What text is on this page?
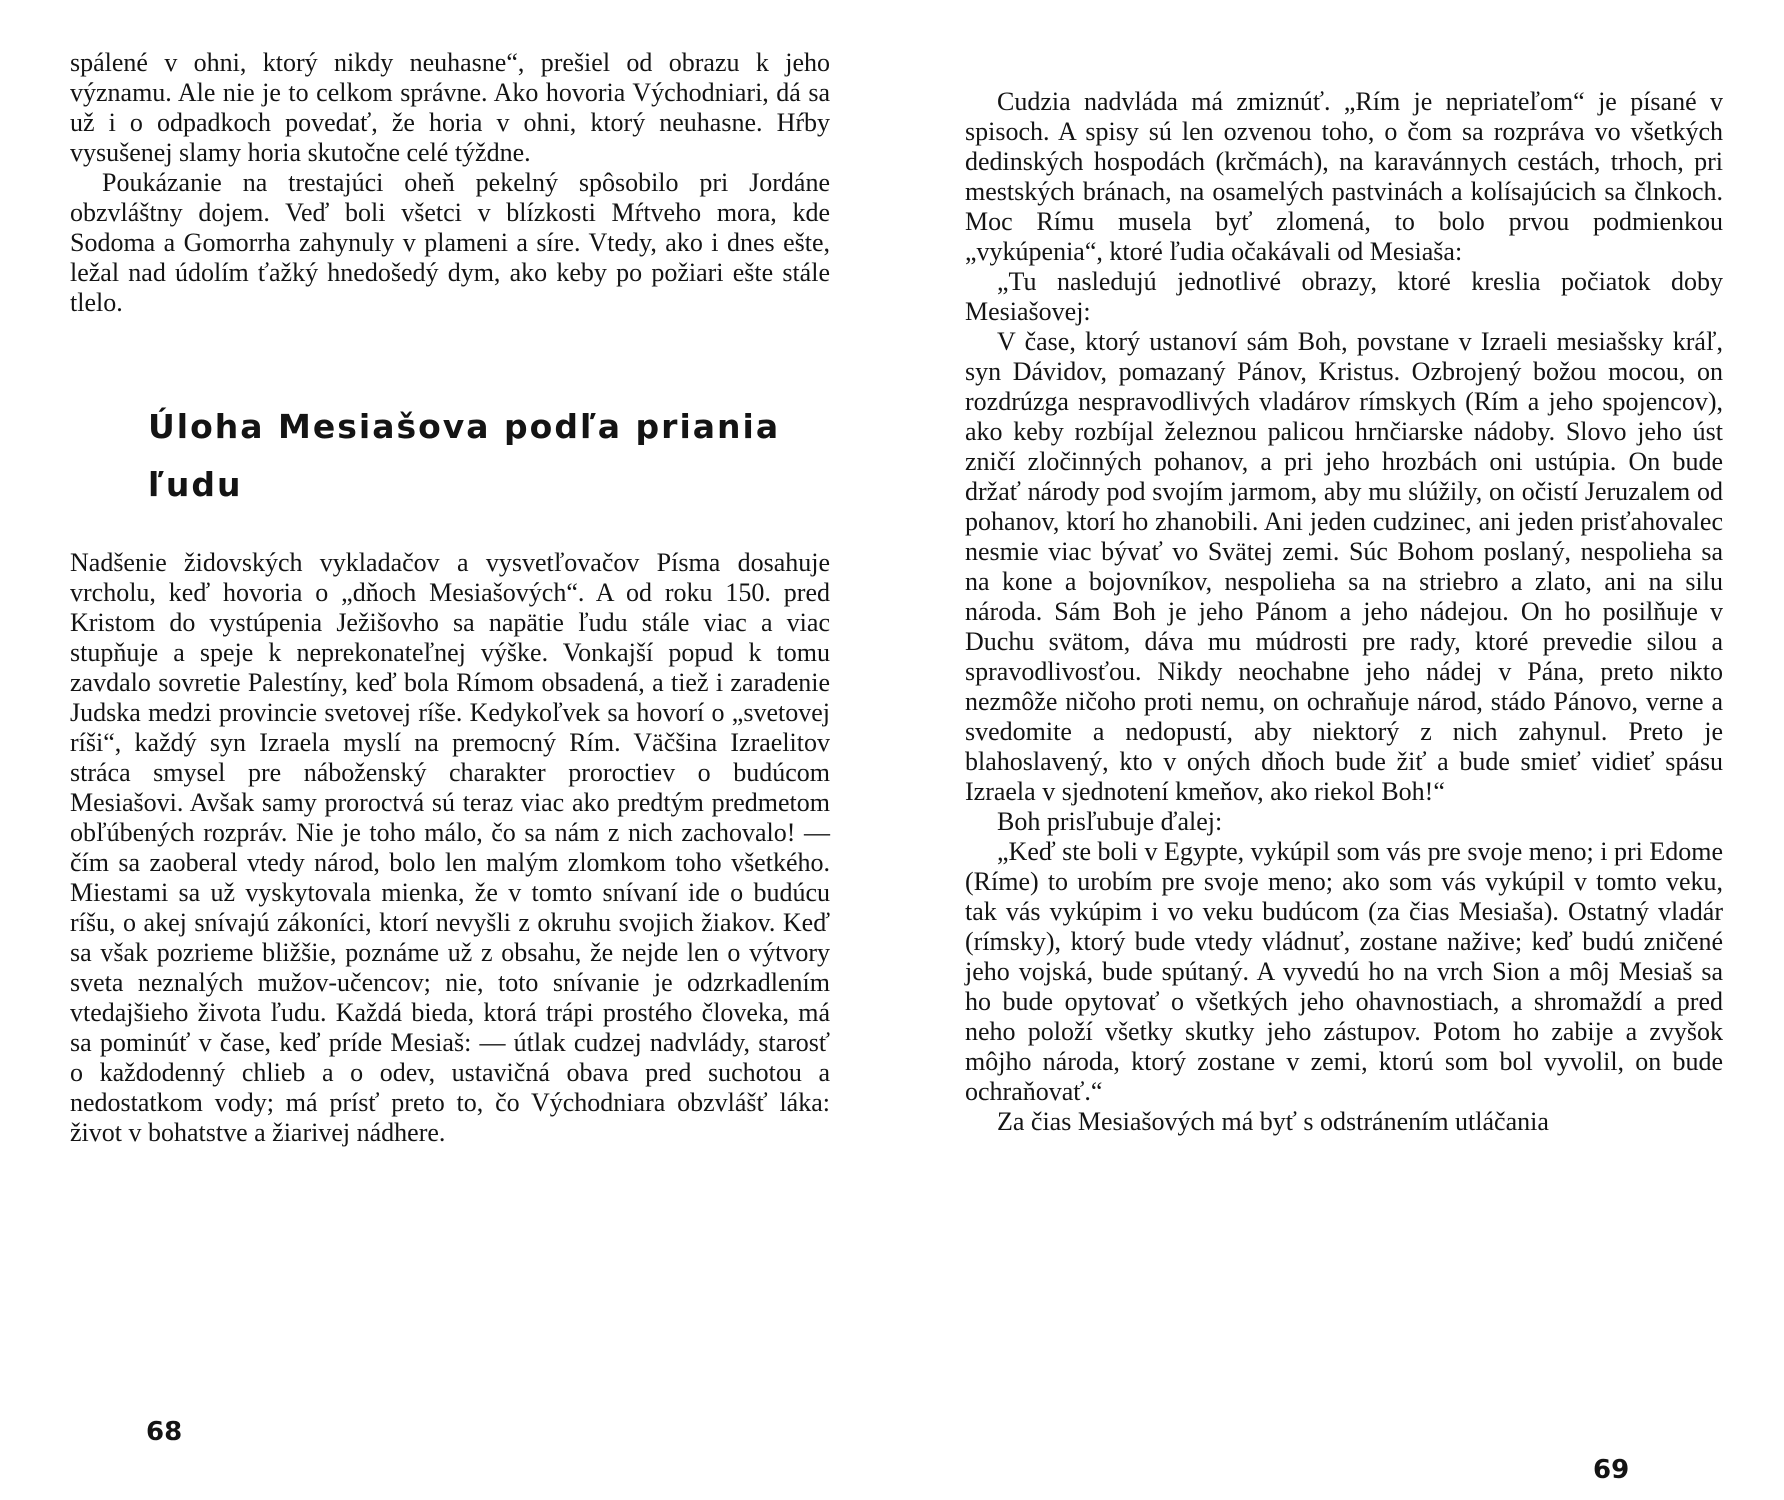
spálené v ohni, ktorý nikdy neuhasne“, prešiel od obrazu k jeho významu. Ale nie je to celkom správne. Ako hovoria Východniari, dá sa už i o odpadkoch povedať, že horia v ohni, ktorý neuhasne. Hŕby vysušenej slamy horia skutočne celé týždne.

Poukázanie na trestajúci oheň pekelný spôsobilo pri Jordáne obzvláštny dojem. Veď boli všetci v blízkosti Mŕtveho mora, kde Sodoma a Gomorrha zahynuly v plameni a síre. Vtedy, ako i dnes ešte, ležal nad údolím ťažký hnedošedý dym, ako keby po požiari ešte stále tlelo.

Úloha Mesiašova podľa priania ľudu

Nadšenie židovských vykladačov a vysvetľovačov Písma dosahuje vrcholu, keď hovoria o „dňoch Mesiašových“. A od roku 150. pred Kristom do vystúpenia Ježišovho sa napätie ľudu stále viac a viac stupňuje a speje k neprekonateľnej výške. Vonkajší popud k tomu zavdalo sovretie Palestíny, keď bola Rímom obsadená, a tiež i zaradenie Judska medzi provincie svetovej ríše. Kedykoľvek sa hovorí o „svetovej ríši“, každý syn Izraela myslí na premocný Rím. Väčšina Izraelitov stráca smysel pre náboženský charakter proroctiev o budúcom Mesiašovi. Avšak samy proroctvá sú teraz viac ako predtým predmetom obľúbených rozpráv. Nie je toho málo, čo sa nám z nich zachovalo! — čím sa zaoberal vtedy národ, bolo len malým zlomkom toho všetkého. Miestami sa už vyskytovala mienka, že v tomto snívaní ide o budúcu ríšu, o akej snívajú zákoníci, ktorí nevyšli z okruhu svojich žiakov. Keď sa však pozrieme bližšie, poznáme už z obsahu, že nejde len o výtvory sveta neznalých mužov-učencov; nie, toto snívanie je odzrkadlením vtedajšieho života ľudu. Každá bieda, ktorá trápi prostého človeka, má sa pominúť v čase, keď príde Mesiaš: — útlak cudzej nadvlády, starosť o každodenný chlieb a o odev, ustavičná obava pred suchotou a nedostatkom vody; má prísť preto to, čo Východniara obzvlášť láka: život v bohatstve a žiarivej nádhere.

68

Cudzia nadvláda má zmiznúť. „Rím je nepriateľom“ je písané v spisoch. A spisy sú len ozvenou toho, o čom sa rozpráva vo všetkých dedinských hospodách (krčmách), na karavánnych cestách, trhoch, pri mestských bránach, na osamelých pastvinách a kolísajúcich sa člnkoch. Moc Rímu musela byť zlomená, to bolo prvou podmienkou „vykúpenia“, ktoré ľudia očakávali od Mesiaša:

„Tu nasledujú jednotlivé obrazy, ktoré kreslia počiatok doby Mesiašovej:

V čase, ktorý ustanoví sám Boh, povstane v Izraeli mesiašsky kráľ, syn Dávidov, pomazaný Pánov, Kristus. Ozbrojený božou mocou, on rozdrúzga nespravodlivých vladárov rímskych (Rím a jeho spojencov), ako keby rozbíjal železnou palicou hrnčiarske nádoby. Slovo jeho úst zničí zločinných pohanov, a pri jeho hrozbách oni ustúpia. On bude držať národy pod svojím jarmom, aby mu slúžily, on očistí Jeruzalem od pohanov, ktorí ho zhanobili. Ani jeden cudzinec, ani jeden prisťahovalec nesmie viac bývať vo Svätej zemi. Súc Bohom poslaný, nespolieha sa na kone a bojovníkov, nespolieha sa na striebro a zlato, ani na silu národa. Sám Boh je jeho Pánom a jeho nádejou. On ho posilňuje v Duchu svätom, dáva mu múdrosti pre rady, ktoré prevedie silou a spravodlivosťou. Nikdy neochabne jeho nádej v Pána, preto nikto nezmôže ničoho proti nemu, on ochraňuje národ, stádo Pánovo, verne a svedomite a nedopustí, aby niektorý z nich zahynul. Preto je blahoslavený, kto v oných dňoch bude žiť a bude smieť vidieť spásu Izraela v sjednotení kmeňov, ako riekol Boh!“

Boh prisľubuje ďalej:

„Keď ste boli v Egypte, vykúpil som vás pre svoje meno; i pri Edome (Ríme) to urobím pre svoje meno; ako som vás vykúpil v tomto veku, tak vás vykúpim i vo veku budúcom (za čias Mesiaša). Ostatný vladár (rímsky), ktorý bude vtedy vládnuť, zostane nažive; keď budú zničené jeho vojská, bude spútaný. A vyvedú ho na vrch Sion a môj Mesiaš sa ho bude opytovať o všetkých jeho ohavnostiach, a shromaždí a pred neho položí všetky skutky jeho zástupov. Potom ho zabije a zvyšok môjho národa, ktorý zostane v zemi, ktorú som bol vyvolil, on bude ochraňovať.“

Za čias Mesiašových má byť s odstránením utláčania

69
